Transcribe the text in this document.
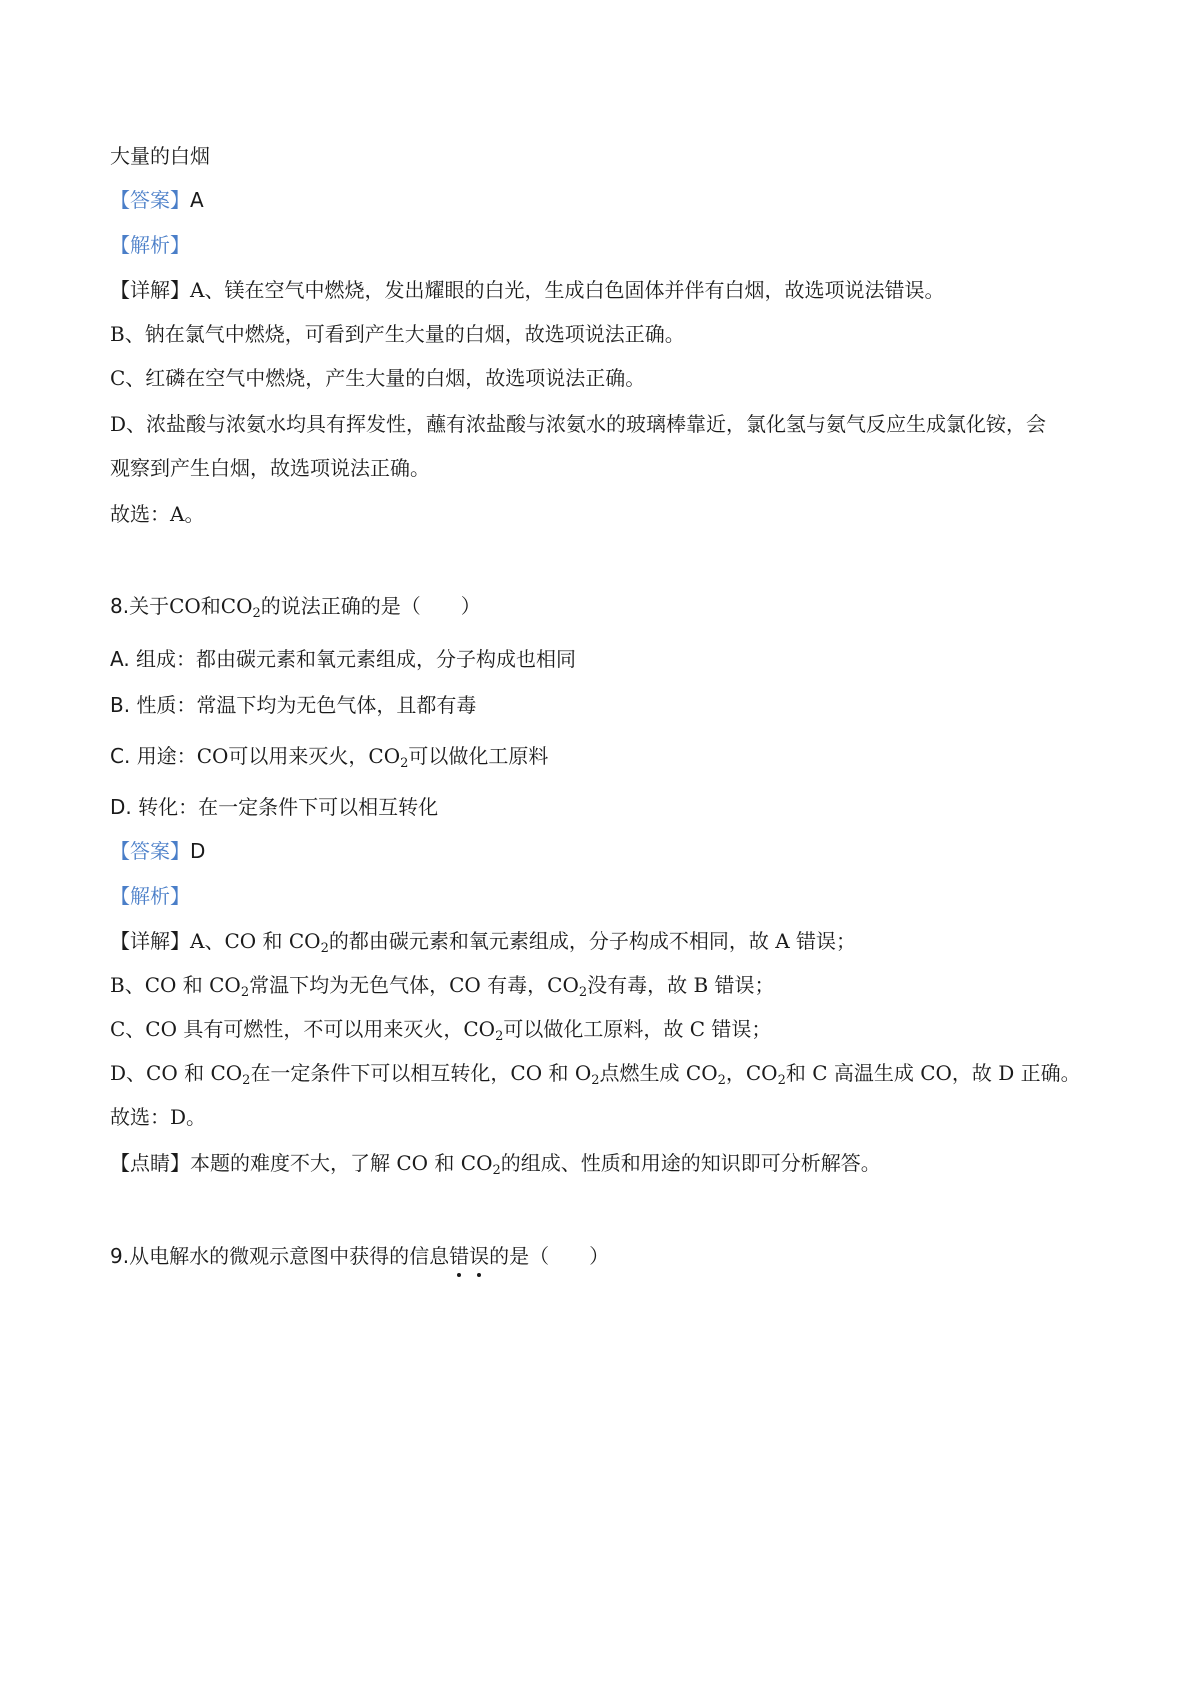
大量的白烟
【答案】A
【解析】
【详解】A、镁在空气中燃烧，发出耀眼的白光，生成白色固体并伴有白烟，故选项说法错误。
B、钠在氯气中燃烧，可看到产生大量的白烟，故选项说法正确。
C、红磷在空气中燃烧，产生大量的白烟，故选项说法正确。
D、浓盐酸与浓氨水均具有挥发性，蘸有浓盐酸与浓氨水的玻璃棒靠近，氯化氢与氨气反应生成氯化铵，会
观察到产生白烟，故选项说法正确。
故选：A。
8.关于CO和$CO_2$的说法正确的是（　　）
A. 组成：都由碳元素和氧元素组成，分子构成也相同
B. 性质：常温下均为无色气体，且都有毒
C. 用途：CO可以用来灭火，$CO_2$可以做化工原料
D. 转化：在一定条件下可以相互转化
【答案】D
【解析】
【详解】A、CO 和 $CO_2$的都由碳元素和氧元素组成，分子构成不相同，故 A 错误；
B、CO 和 $CO_2$常温下均为无色气体，CO 有毒，$CO_2$没有毒，故 B 错误；
C、CO 具有可燃性，不可以用来灭火，$CO_2$可以做化工原料，故 C 错误；
D、CO 和 $CO_2$在一定条件下可以相互转化，CO 和 $O_2$点燃生成 $CO_2$，$CO_2$和 C 高温生成 CO，故 D 正确。
故选：D。
【点睛】本题的难度不大，了解 CO 和 $CO_2$的组成、性质和用途的知识即可分析解答。
9.从电解水的微观示意图中获得的信息错
误
的是（　　）
